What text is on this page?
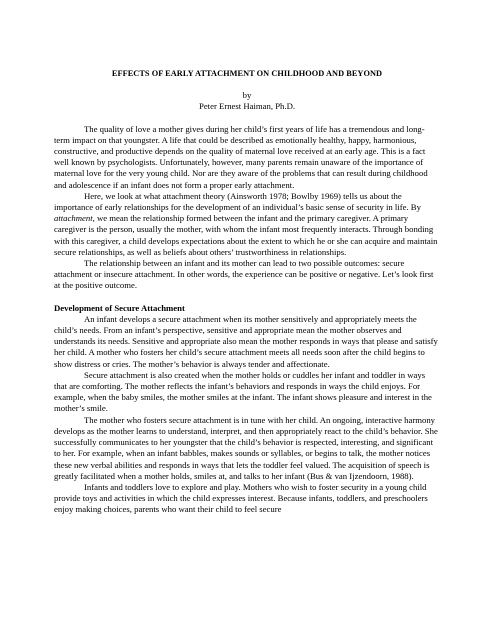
EFFECTS OF EARLY ATTACHMENT ON CHILDHOOD AND BEYOND
by
Peter Ernest Haiman, Ph.D.

The quality of love a mother gives during her child’s first years of life has a tremendous and long-term impact on that youngster. A life that could be described as emotionally healthy, happy, harmonious, constructive, and productive depends on the quality of maternal love received at an early age. This is a fact well known by psychologists. Unfortunately, however, many parents remain unaware of the importance of maternal love for the very young child. Nor are they aware of the problems that can result during childhood and adolescence if an infant does not form a proper early attachment.

Here, we look at what attachment theory (Ainsworth 1978; Bowlby 1969) tells us about the importance of early relationships for the development of an individual’s basic sense of security in life. By attachment, we mean the relationship formed between the infant and the primary caregiver. A primary caregiver is the person, usually the mother, with whom the infant most frequently interacts. Through bonding with this caregiver, a child develops expectations about the extent to which he or she can acquire and maintain secure relationships, as well as beliefs about others’ trustworthiness in relationships.

The relationship between an infant and its mother can lead to two possible outcomes: secure attachment or insecure attachment. In other words, the experience can be positive or negative. Let’s look first at the positive outcome.

Development of Secure Attachment

An infant develops a secure attachment when its mother sensitively and appropriately meets the child’s needs. From an infant’s perspective, sensitive and appropriate mean the mother observes and understands its needs. Sensitive and appropriate also mean the mother responds in ways that please and satisfy her child. A mother who fosters her child’s secure attachment meets all needs soon after the child begins to show distress or cries. The mother’s behavior is always tender and affectionate.

Secure attachment is also created when the mother holds or cuddles her infant and toddler in ways that are comforting. The mother reflects the infant’s behaviors and responds in ways the child enjoys. For example, when the baby smiles, the mother smiles at the infant. The infant shows pleasure and interest in the mother’s smile.

The mother who fosters secure attachment is in tune with her child. An ongoing, interactive harmony develops as the mother learns to understand, interpret, and then appropriately react to the child’s behavior. She successfully communicates to her youngster that the child’s behavior is respected, interesting, and significant to her. For example, when an infant babbles, makes sounds or syllables, or begins to talk, the mother notices these new verbal abilities and responds in ways that lets the toddler feel valued. The acquisition of speech is greatly facilitated when a mother holds, smiles at, and talks to her infant (Bus & van Ijzendoorn, 1988).

Infants and toddlers love to explore and play. Mothers who wish to foster security in a young child provide toys and activities in which the child expresses interest. Because infants, toddlers, and preschoolers enjoy making choices, parents who want their child to feel secure
